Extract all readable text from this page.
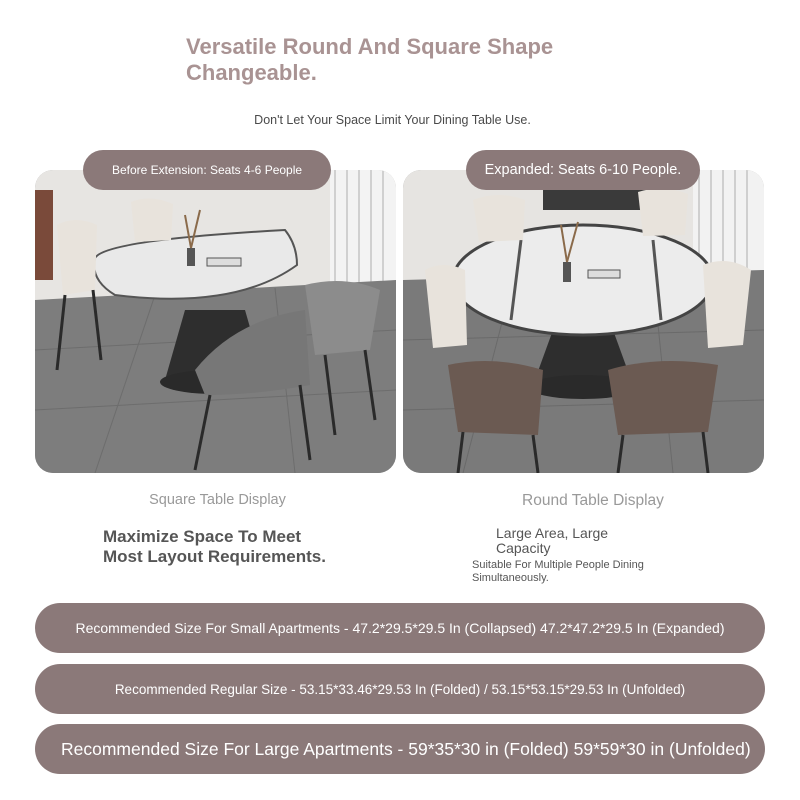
Versatile Round And Square Shape Changeable.
Don't Let Your Space Limit Your Dining Table Use.
Before Extension: Seats 4-6 People	Expanded: Seats 6-10 People.
Square Table Display	Round Table Display
Maximize Space To Meet Most Layout Requirements.
Large Area, Large Capacity
Suitable For Multiple People Dining Simultaneously.
Recommended Size For Small Apartments - 47.2*29.5*29.5 In (Collapsed) 47.2*47.2*29.5 In (Expanded)
Recommended Regular Size - 53.15*33.46*29.53 In (Folded) / 53.15*53.15*29.53 In (Unfolded)
Recommended Size For Large Apartments - 59*35*30 in (Folded) 59*59*30 in (Unfolded)
